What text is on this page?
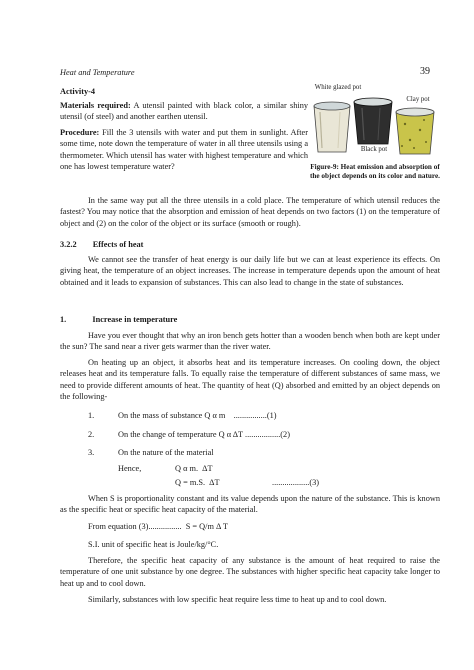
Heat and Temperature	39
Activity-4
Materials required: A utensil painted with black color, a similar shiny utensil (of steel) and another earthen utensil.
Procedure: Fill the 3 utensils with water and put them in sunlight. After some time, note down the temperature of water in all three utensils using a thermometer. Which utensil has water with highest temperature and which one has lowest temperature water?
White glazed pot
Clay pot
Black pot
Figure-9: Heat emission and absorption of the object depends on its color and nature.
In the same way put all the three utensils in a cold place. The temperature of which utensil reduces the fastest? You may notice that the absorption and emission of heat depends on two factors (1) on the temperature of object and (2) on the color of the object or its surface (smooth or rough).
3.2.2 Effects of heat
We cannot see the transfer of heat energy is our daily life but we can at least experience its effects. On giving heat, the temperature of an object increases. The increase in temperature depends upon the amount of heat obtained and it leads to expansion of substances. This can also lead to change in the state of substances.
1.	Increase in temperature
Have you ever thought that why an iron bench gets hotter than a wooden bench when both are kept under the sun? The sand near a river gets warmer than the river water.
On heating up an object, it absorbs heat and its temperature increases. On cooling down, the object releases heat and its temperature falls. To equally raise the temperature of different substances of same mass, we need to provide different amounts of heat. The quantity of heat (Q) absorbed and emitted by an object depends on the following-
1.	On the mass of substance Q α m ................(1)
2.	On the change of temperature Q α ΔT .................(2)
3.	On the nature of the material
Hence,	Q α m.  ΔT
Q = m.S.  ΔT	..................(3)
When S is proportionality constant and its value depends upon the nature of the substance. This is known as the specific heat or specific heat capacity of the material.
From equation (3)................  S = Q/m Δ T
S.I. unit of specific heat is Joule/kg/°C.
Therefore, the specific heat capacity of any substance is the amount of heat required to raise the temperature of one unit substance by one degree. The substances with higher specific heat capacity take longer to heat up and to cool down.
Similarly, substances with low specific heat require less time to heat up and to cool down.
